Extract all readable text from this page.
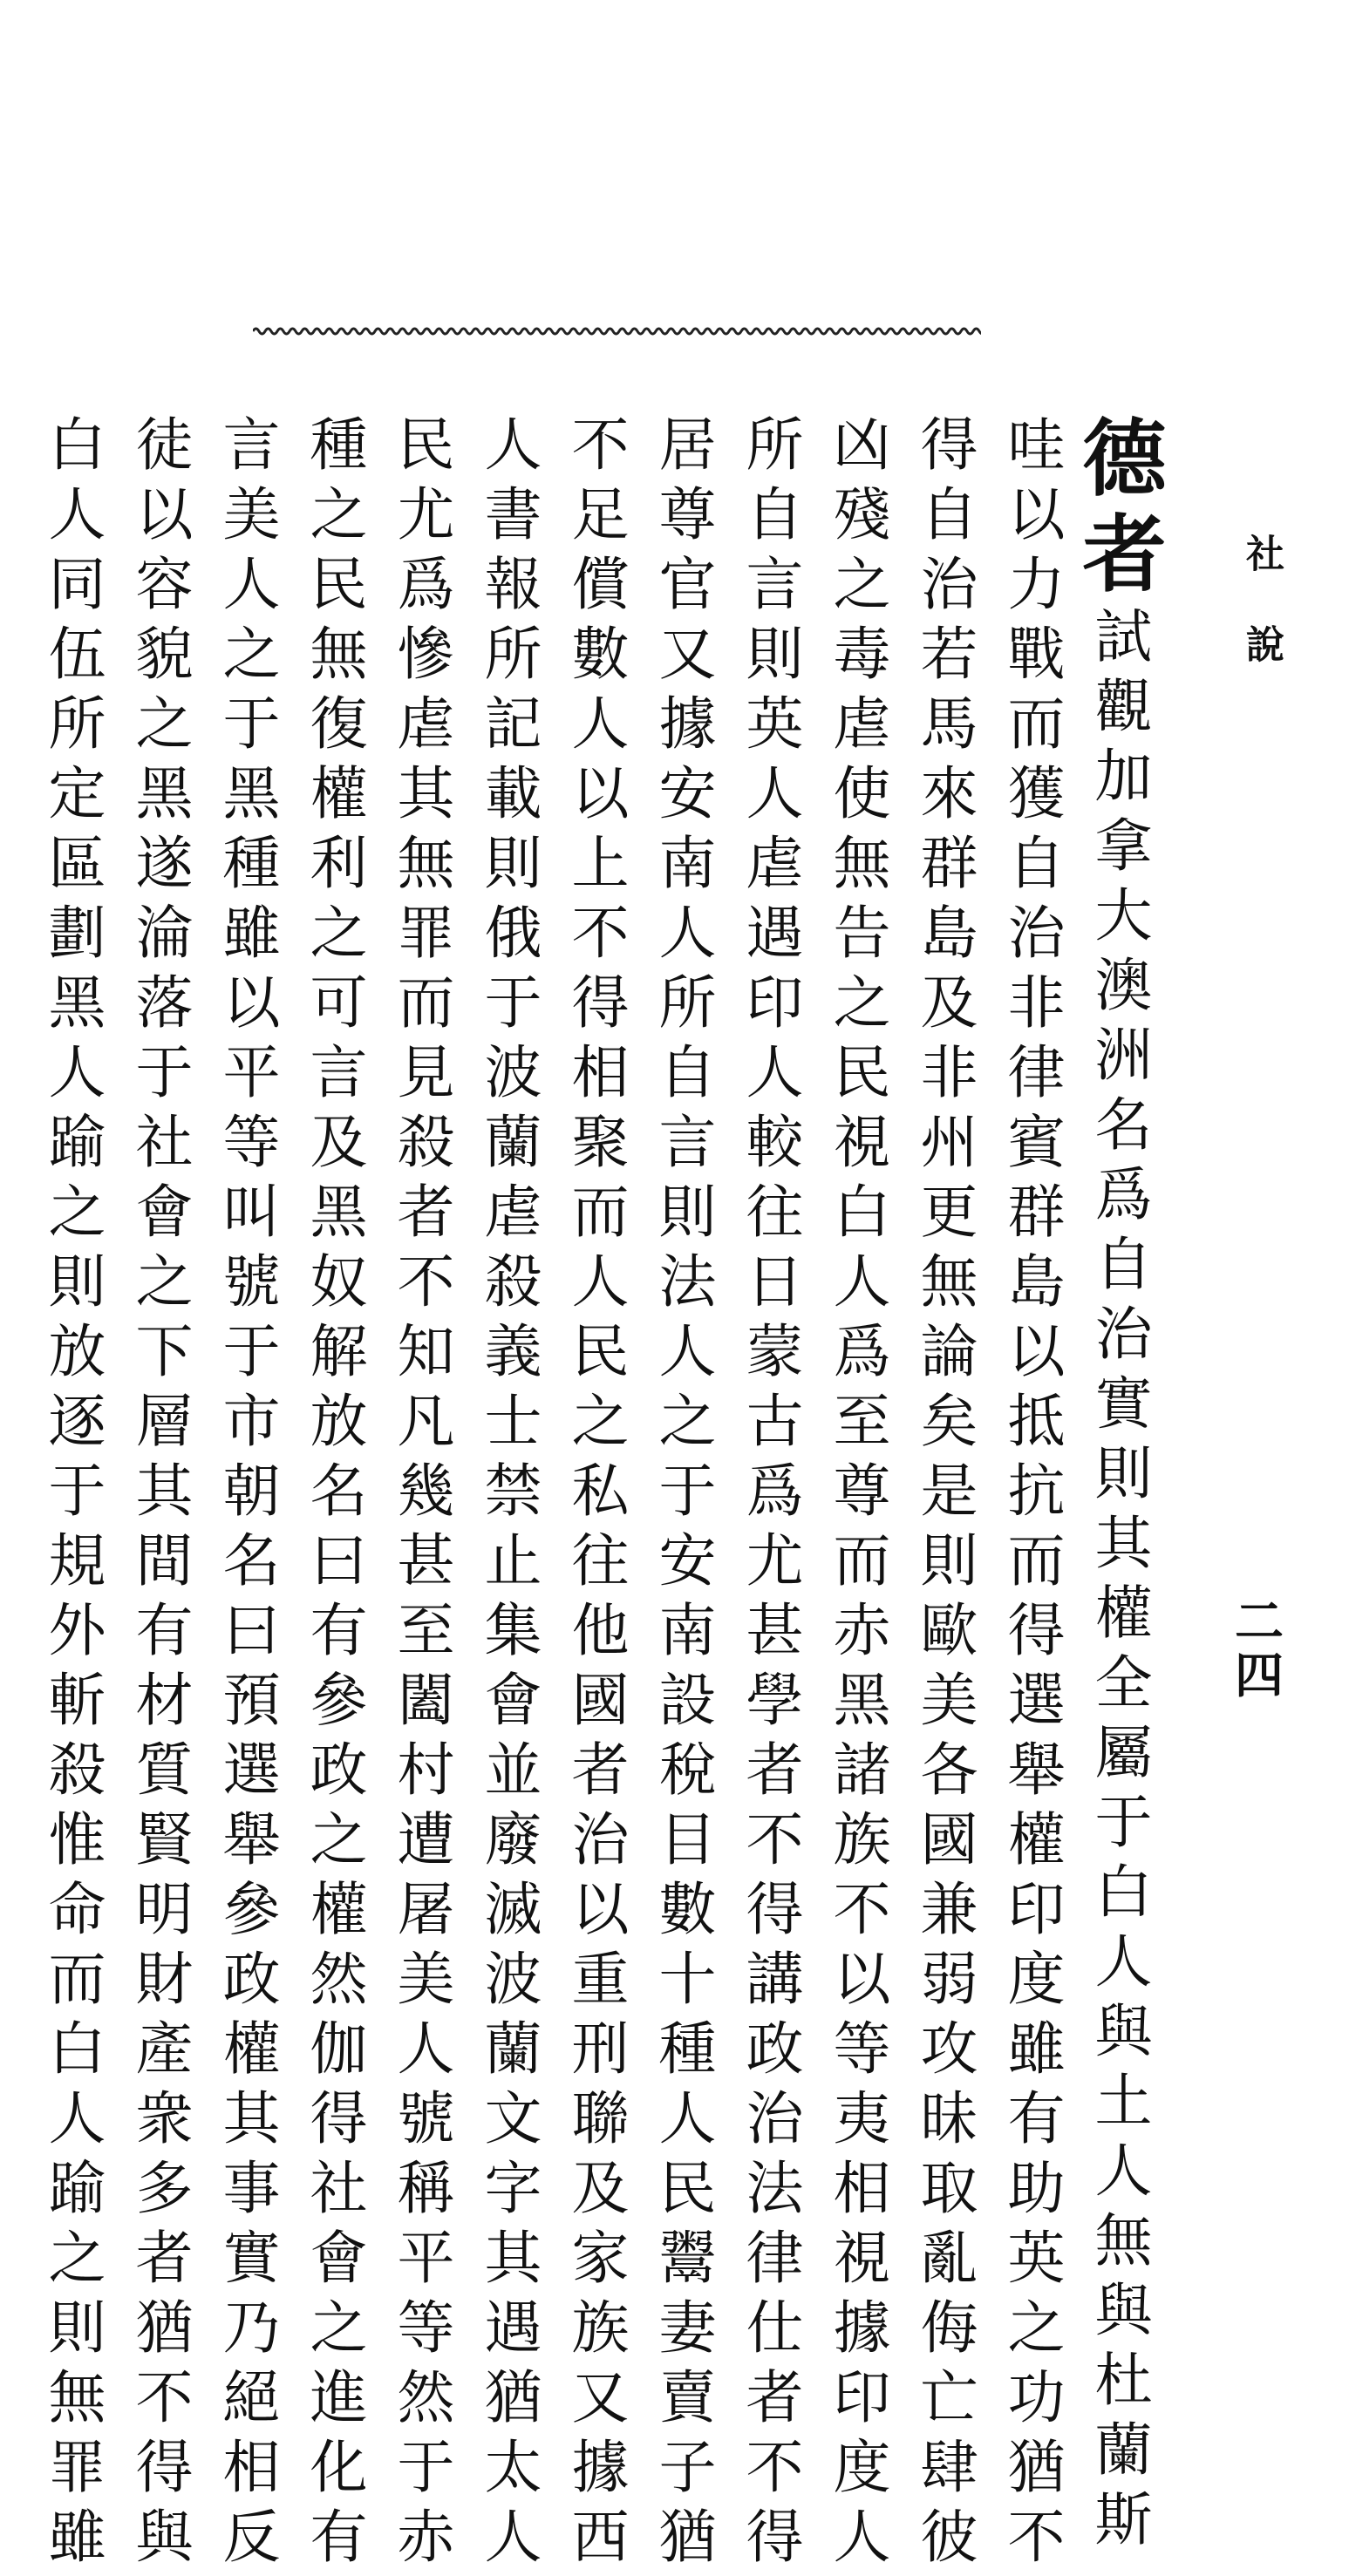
社說
二四
德者試觀加拿大澳洲名爲自治實則其權全屬于白人與土人無與杜蘭斯
哇以力戰而獲自治非律賓群島以抵抗而得選舉權印度雖有助英之功猶不
得自治若馬來群島及非州更無論矣是則歐美各國兼弱攻昧取亂侮亡肆彼
凶殘之毒虐使無告之民視白人爲至尊而赤黑諸族不以等夷相視據印度人
所自言則英人虐遇印人較往日蒙古爲尤甚學者不得講政治法律仕者不得
居尊官又據安南人所自言則法人之于安南設稅目數十種人民鬻妻賣子猶
不足償數人以上不得相聚而人民之私往他國者治以重刑聯及家族又據西
人書報所記載則俄于波蘭虐殺義士禁止集會並廢滅波蘭文字其遇猶太人
民尤爲慘虐其無罪而見殺者不知凡幾甚至闔村遭屠美人號稱平等然于赤
種之民無復權利之可言及黑奴解放名曰有參政之權然伽得社會之進化有
言美人之于黑種雖以平等叫號于市朝名曰預選舉參政權其事實乃絕相反
徒以容貌之黑遂淪落于社會之下層其間有材質賢明財產衆多者猶不得與
白人同伍所定區劃黑人踰之則放逐于規外斬殺惟命而白人踰之則無罪雖
